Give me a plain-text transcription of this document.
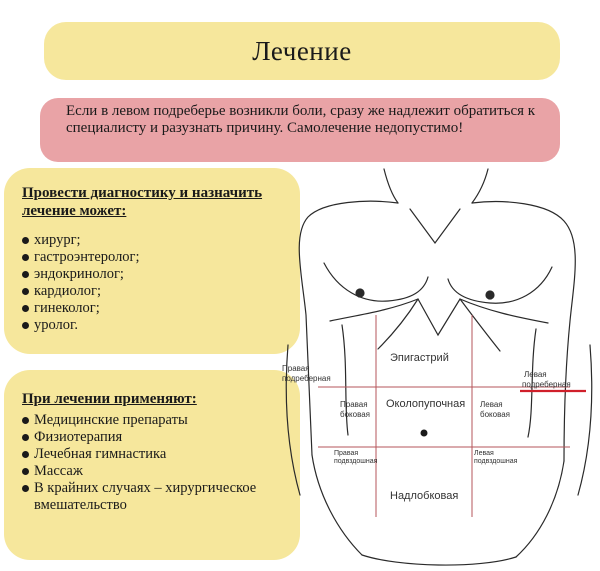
Лечение
Если в левом подреберье возникли боли, сразу же надлежит обратиться к специалисту и разузнать причину. Самолечение недопустимо!
Провести диагностику и назначить лечение может:
хирург;
гастроэнтеролог;
эндокринолог;
кардиолог;
гинеколог;
уролог.
При лечении применяют:
Медицинские препараты
Физиотерапия
Лечебная гимнастика
Массаж
В крайних случаях – хирургическое вмешательство
Эпигастрий
Правая
подреберная	Левая
подреберная
Правая
боковая
Околопупочная Левая
боковая
Правая
подвздошная
Левая
подвздошная
Надлобковая
